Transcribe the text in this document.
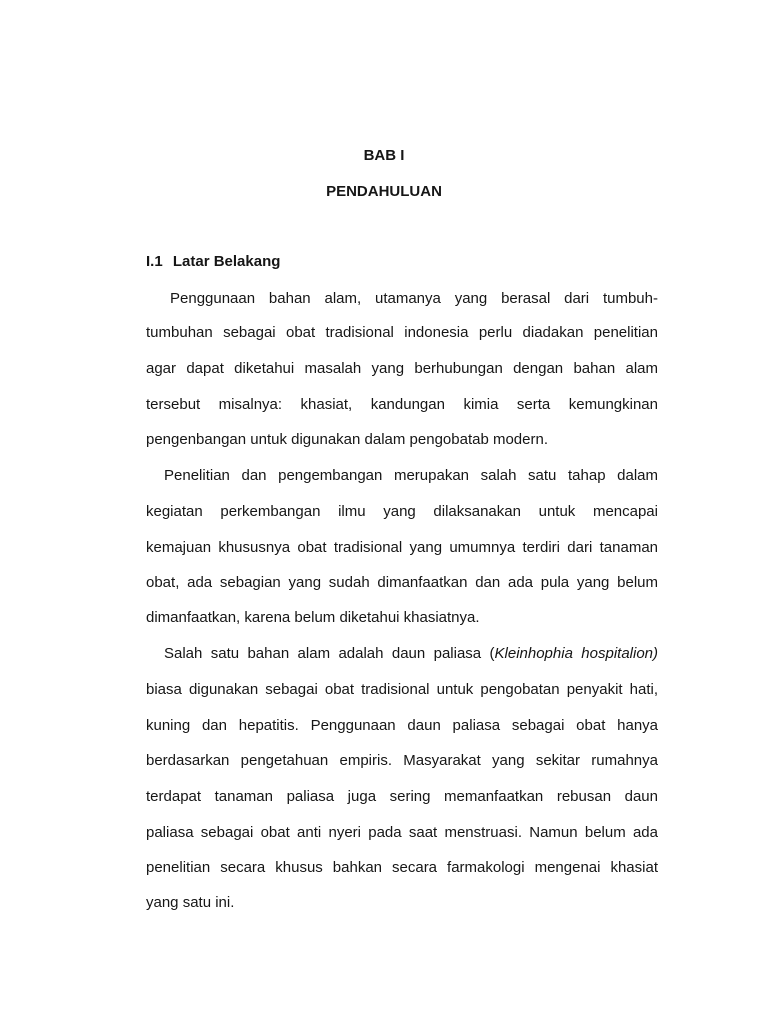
BAB I
PENDAHULUAN
I.1 Latar Belakang
Penggunaan bahan alam, utamanya yang berasal dari tumbuh-
tumbuhan sebagai obat tradisional indonesia perlu diadakan penelitian
agar dapat diketahui masalah yang berhubungan dengan bahan alam
tersebut misalnya: khasiat, kandungan kimia serta kemungkinan
pengenbangan untuk digunakan dalam pengobatab modern.
Penelitian dan pengembangan merupakan salah satu tahap dalam
kegiatan perkembangan ilmu yang dilaksanakan untuk mencapai
kemajuan khususnya obat tradisional yang umumnya terdiri dari tanaman
obat, ada sebagian yang sudah dimanfaatkan dan ada pula yang belum
dimanfaatkan, karena belum diketahui khasiatnya.
Salah satu bahan alam adalah daun paliasa (Kleinhophia hospitalion)
biasa digunakan sebagai obat tradisional untuk pengobatan penyakit hati,
kuning dan hepatitis. Penggunaan daun paliasa sebagai obat hanya
berdasarkan pengetahuan empiris. Masyarakat yang sekitar rumahnya
terdapat tanaman paliasa juga sering memanfaatkan rebusan daun
paliasa sebagai obat anti nyeri pada saat menstruasi. Namun belum ada
penelitian secara khusus bahkan secara farmakologi mengenai khasiat
yang satu ini.
